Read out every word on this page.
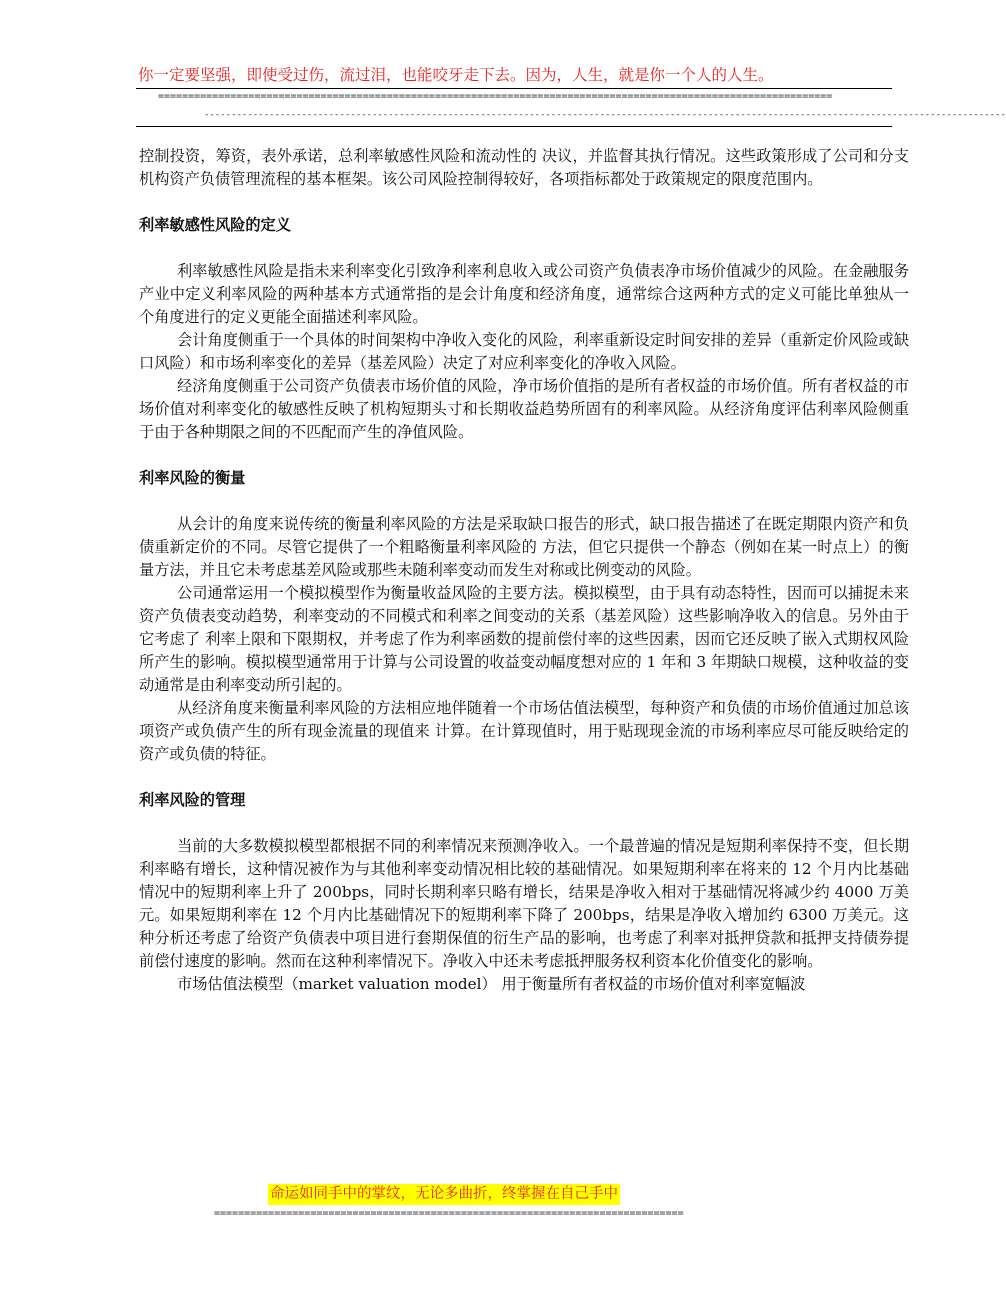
你一定要坚强，即使受过伤，流过泪，也能咬牙走下去。因为，人生，就是你一个人的人生。
================================================================================================================
----------------------------------------------------------------------------------------------------------------------------------------------------

控制投资，筹资，表外承诺，总利率敏感性风险和流动性的 决议，并监督其执行情况。这些政策形成了公司和分支机构资产负债管理流程的基本框架。该公司风险控制得较好，各项指标都处于政策规定的限度范围内。

利率敏感性风险的定义

利率敏感性风险是指未来利率变化引致净利率利息收入或公司资产负债表净市场价值减少的风险。在金融服务产业中定义利率风险的两种基本方式通常指的是会计角度和经济角度，通常综合这两种方式的定义可能比单独从一个角度进行的定义更能全面描述利率风险。

会计角度侧重于一个具体的时间架构中净收入变化的风险，利率重新设定时间安排的差异（重新定价风险或缺口风险）和市场利率变化的差异（基差风险）决定了对应利率变化的净收入风险。

经济角度侧重于公司资产负债表市场价值的风险，净市场价值指的是所有者权益的市场价值。所有者权益的市场价值对利率变化的敏感性反映了机构短期头寸和长期收益趋势所固有的利率风险。从经济角度评估利率风险侧重于由于各种期限之间的不匹配而产生的净值风险。

利率风险的衡量

从会计的角度来说传统的衡量利率风险的方法是采取缺口报告的形式，缺口报告描述了在既定期限内资产和负债重新定价的不同。尽管它提供了一个粗略衡量利率风险的 方法，但它只提供一个静态（例如在某一时点上）的衡量方法，并且它未考虑基差风险或那些未随利率变动而发生对称或比例变动的风险。

公司通常运用一个模拟模型作为衡量收益风险的主要方法。模拟模型，由于具有动态特性，因而可以捕捉未来资产负债表变动趋势，利率变动的不同模式和利率之间变动的关系（基差风险）这些影响净收入的信息。另外由于它考虑了 利率上限和下限期权，并考虑了作为利率函数的提前偿付率的这些因素，因而它还反映了嵌入式期权风险所产生的影响。模拟模型通常用于计算与公司设置的收益变动幅度想对应的 1 年和 3 年期缺口规模，这种收益的变动通常是由利率变动所引起的。

从经济角度来衡量利率风险的方法相应地伴随着一个市场估值法模型，每种资产和负债的市场价值通过加总该项资产或负债产生的所有现金流量的现值来 计算。在计算现值时，用于贴现现金流的市场利率应尽可能反映给定的资产或负债的特征。

利率风险的管理

当前的大多数模拟模型都根据不同的利率情况来预测净收入。一个最普遍的情况是短期利率保持不变，但长期利率略有增长，这种情况被作为与其他利率变动情况相比较的基础情况。如果短期利率在将来的 12 个月内比基础情况中的短期利率上升了 200bps，同时长期利率只略有增长，结果是净收入相对于基础情况将减少约 4000 万美元。如果短期利率在 12 个月内比基础情况下的短期利率下降了 200bps，结果是净收入增加约 6300 万美元。这种分析还考虑了给资产负债表中项目进行套期保值的衍生产品的影响，也考虑了利率对抵押贷款和抵押支持债券提前偿付速度的影响。然而在这种利率情况下。净收入中还未考虑抵押服务权利资本化价值变化的影响。

市场估值法模型（market valuation model） 用于衡量所有者权益的市场价值对利率宽幅波

命运如同手中的掌纹，无论多曲折，终掌握在自己手中
==============================================================================
